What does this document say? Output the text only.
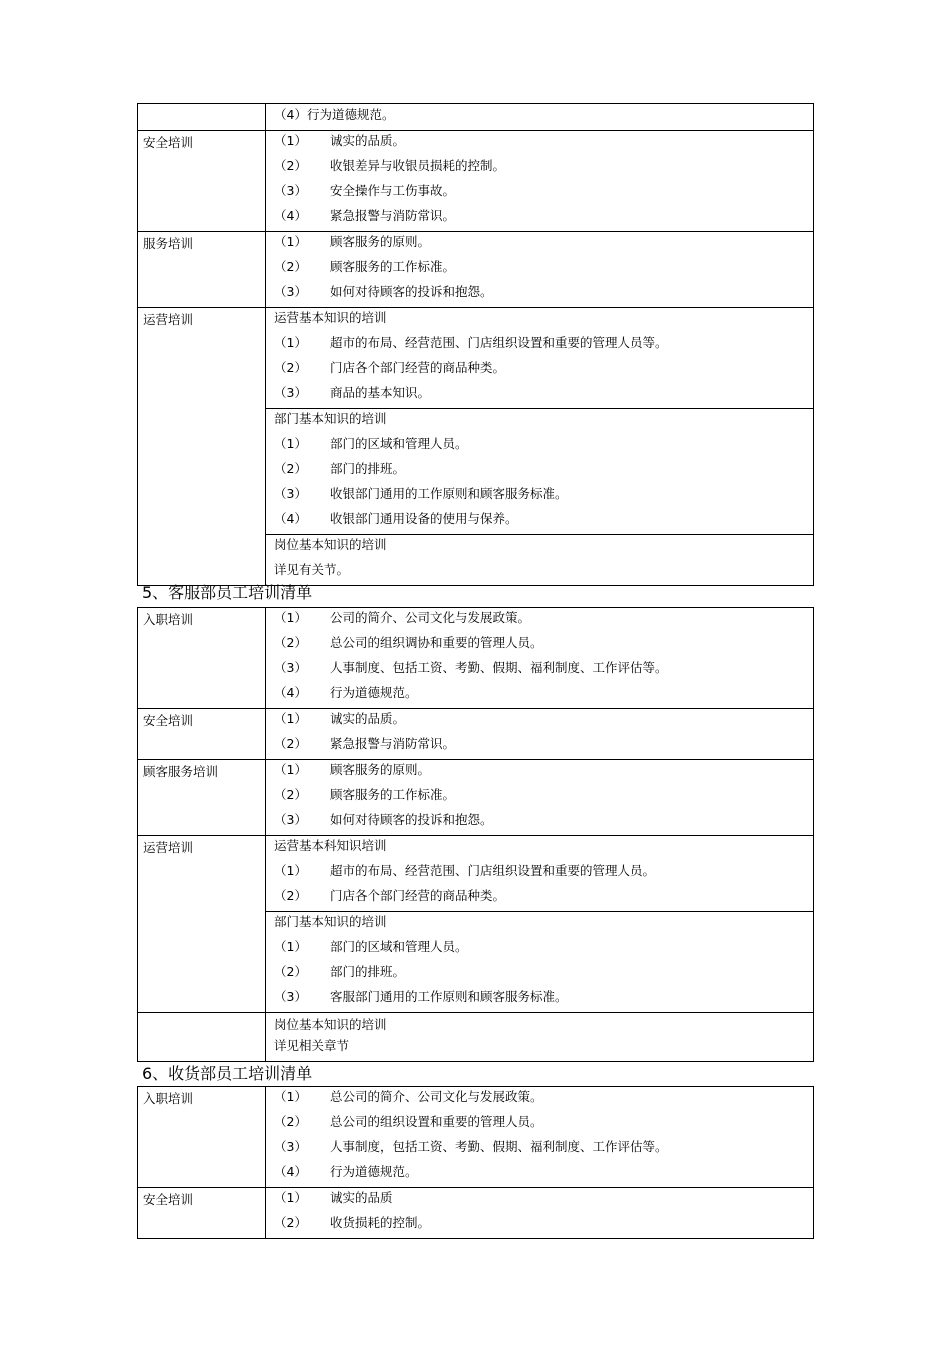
	（4）行为道德规范。

安全培训	（1） 诚实的品质。
（2） 收银差异与收银员损耗的控制。
（3） 安全操作与工伤事故。
（4） 紧急报警与消防常识。

服务培训	（1） 顾客服务的原则。
（2） 顾客服务的工作标准。
（3） 如何对待顾客的投诉和抱怨。

运营培训	运营基本知识的培训
（1） 超市的布局、经营范围、门店组织设置和重要的管理人员等。
（2） 门店各个部门经营的商品种类。
（3） 商品的基本知识。

	部门基本知识的培训
（1） 部门的区域和管理人员。
（2） 部门的排班。
（3） 收银部门通用的工作原则和顾客服务标准。
（4） 收银部门通用设备的使用与保养。

	岗位基本知识的培训
详见有关节。
5、客服部员工培训清单
入职培训	（1） 公司的简介、公司文化与发展政策。
（2） 总公司的组织调协和重要的管理人员。
（3） 人事制度、包括工资、考勤、假期、福利制度、工作评估等。
（4） 行为道德规范。

安全培训	（1） 诚实的品质。
（2） 紧急报警与消防常识。

顾客服务培训	（1） 顾客服务的原则。
（2） 顾客服务的工作标准。
（3） 如何对待顾客的投诉和抱怨。

运营培训	运营基本科知识培训
（1） 超市的布局、经营范围、门店组织设置和重要的管理人员。
（2） 门店各个部门经营的商品种类。

	部门基本知识的培训
（1） 部门的区域和管理人员。
（2） 部门的排班。
（3） 客服部门通用的工作原则和顾客服务标准。

	岗位基本知识的培训
详见相关章节
6、收货部员工培训清单
入职培训	（1） 总公司的简介、公司文化与发展政策。
（2） 总公司的组织设置和重要的管理人员。
（3） 人事制度，包括工资、考勤、假期、福利制度、工作评估等。
（4） 行为道德规范。

安全培训	（1） 诚实的品质
（2） 收货损耗的控制。
